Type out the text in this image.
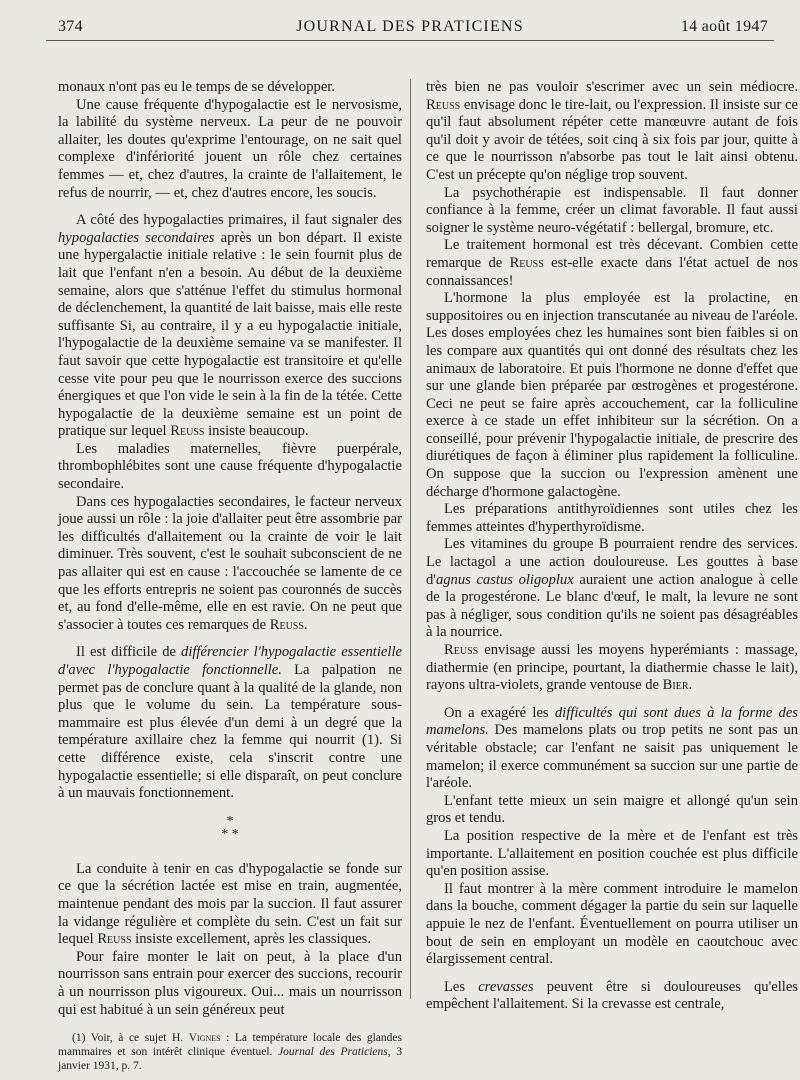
374	JOURNAL DES PRATICIENS	14 août 1947

monaux n'ont pas eu le temps de se développer.

Une cause fréquente d'hypogalactie est le nervosisme, la labilité du système nerveux. La peur de ne pouvoir allaiter, les doutes qu'exprime l'entourage, on ne sait quel complexe d'infériorité jouent un rôle chez certaines femmes — et, chez d'autres, la crainte de l'allaitement, le refus de nourrir, — et, chez d'autres encore, les soucis.

A côté des hypogalacties primaires, il faut signaler des hypogalacties secondaires après un bon départ. Il existe une hypergalactie initiale relative : le sein fournit plus de lait que l'enfant n'en a besoin. Au début de la deuxième semaine, alors que s'atténue l'effet du stimulus hormonal de déclenchement, la quantité de lait baisse, mais elle reste suffisante Si, au contraire, il y a eu hypogalactie initiale, l'hypogalactie de la deuxième semaine va se manifester. Il faut savoir que cette hypogalactie est transitoire et qu'elle cesse vite pour peu que le nourrisson exerce des succions énergiques et que l'on vide le sein à la fin de la tétée. Cette hypogalactie de la deuxième semaine est un point de pratique sur lequel Reuss insiste beaucoup.

Les maladies maternelles, fièvre puerpérale, thrombophlébites sont une cause fréquente d'hypogalactie secondaire.

Dans ces hypogalacties secondaires, le facteur nerveux joue aussi un rôle : la joie d'allaiter peut être assombrie par les difficultés d'allaitement ou la crainte de voir le lait diminuer. Très souvent, c'est le souhait subconscient de ne pas allaiter qui est en cause : l'accouchée se lamente de ce que les efforts entrepris ne soient pas couronnés de succès et, au fond d'elle-même, elle en est ravie. On ne peut que s'associer à toutes ces remarques de Reuss.

Il est difficile de différencier l'hypogalactie essentielle d'avec l'hypogalactie fonctionnelle. La palpation ne permet pas de conclure quant à la qualité de la glande, non plus que le volume du sein. La température sous-mammaire est plus élevée d'un demi à un degré que la température axillaire chez la femme qui nourrit (1). Si cette différence existe, cela s'inscrit contre une hypogalactie essentielle; si elle disparaît, on peut conclure à un mauvais fonctionnement.

*
* *

La conduite à tenir en cas d'hypogalactie se fonde sur ce que la sécrétion lactée est mise en train, augmentée, maintenue pendant des mois par la succion. Il faut assurer la vidange régulière et complète du sein. C'est un fait sur lequel Reuss insiste excellement, après les classiques.

Pour faire monter le lait on peut, à la place d'un nourrisson sans entrain pour exercer des succions, recourir à un nourrisson plus vigoureux. Oui... mais un nourrisson qui est habitué à un sein généreux peut

(1) Voir, à ce sujet H. Vignes : La température locale des glandes mammaires et son intérêt clinique éventuel. Journal des Praticiens, 3 janvier 1931, p. 7.

très bien ne pas vouloir s'escrimer avec un sein médiocre. Reuss envisage donc le tire-lait, ou l'expression. Il insiste sur ce qu'il faut absolument répéter cette manœuvre autant de fois qu'il doit y avoir de tétées, soit cinq à six fois par jour, quitte à ce que le nourrisson n'absorbe pas tout le lait ainsi obtenu. C'est un précepte qu'on néglige trop souvent.

La psychothérapie est indispensable. Il faut donner confiance à la femme, créer un climat favorable. Il faut aussi soigner le système neuro-végétatif : bellergal, bromure, etc.

Le traitement hormonal est très décevant. Combien cette remarque de Reuss est-elle exacte dans l'état actuel de nos connaissances!

L'hormone la plus employée est la prolactine, en suppositoires ou en injection transcutanée au niveau de l'aréole. Les doses employées chez les humaines sont bien faibles si on les compare aux quantités qui ont donné des résultats chez les animaux de laboratoire. Et puis l'hormone ne donne d'effet que sur une glande bien préparée par œstrogènes et progestérone. Ceci ne peut se faire après accouchement, car la folliculine exerce à ce stade un effet inhibiteur sur la sécrétion. On a conseillé, pour prévenir l'hypogalactie initiale, de prescrire des diurétiques de façon à éliminer plus rapidement la folliculine. On suppose que la succion ou l'expression amènent une décharge d'hormone galactogène.

Les préparations antithyroïdiennes sont utiles chez les femmes atteintes d'hyperthyroïdisme.

Les vitamines du groupe B pourraient rendre des services. Le lactagol a une action douloureuse. Les gouttes à base d'agnus castus oligoplux auraient une action analogue à celle de la progestérone. Le blanc d'œuf, le malt, la levure ne sont pas à négliger, sous condition qu'ils ne soient pas désagréables à la nourrice.

Reuss envisage aussi les moyens hyperémiants : massage, diathermie (en principe, pourtant, la diathermie chasse le lait), rayons ultra-violets, grande ventouse de Bier.

On a exagéré les difficultés qui sont dues à la forme des mamelons. Des mamelons plats ou trop petits ne sont pas un véritable obstacle; car l'enfant ne saisit pas uniquement le mamelon; il exerce communément sa succion sur une partie de l'aréole.

L'enfant tette mieux un sein maigre et allongé qu'un sein gros et tendu.

La position respective de la mère et de l'enfant est très importante. L'allaitement en position couchée est plus difficile qu'en position assise.

Il faut montrer à la mère comment introduire le mamelon dans la bouche, comment dégager la partie du sein sur laquelle appuie le nez de l'enfant. Éventuellement on pourra utiliser un bout de sein en employant un modèle en caoutchouc avec élargissement central.

Les crevasses peuvent être si douloureuses qu'elles empêchent l'allaitement. Si la crevasse est centrale,
